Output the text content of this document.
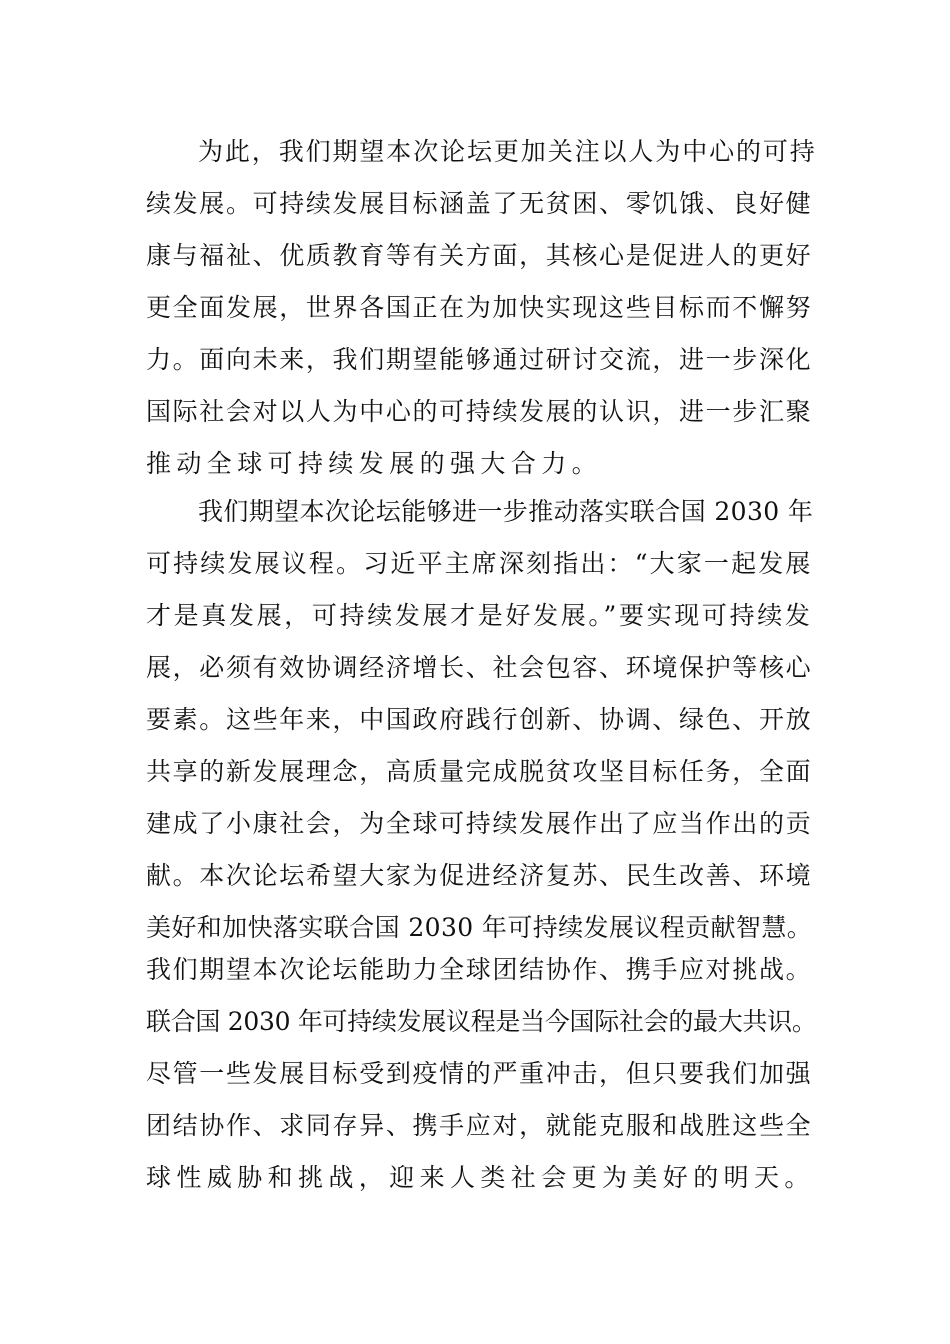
为此，我们期望本次论坛更加关注以人为中心的可持
续发展。可持续发展目标涵盖了无贫困、零饥饿、良好健
康与福祉、优质教育等有关方面，其核心是促进人的更好
更全面发展，世界各国正在为加快实现这些目标而不懈努
力。面向未来，我们期望能够通过研讨交流，进一步深化
国际社会对以人为中心的可持续发展的认识，进一步汇聚
推动全球可持续发展的强大合力。
我们期望本次论坛能够进一步推动落实联合国 2030 年
可持续发展议程。习近平主席深刻指出：“大家一起发展
才是真发展，可持续发展才是好发展。”要实现可持续发
展，必须有效协调经济增长、社会包容、环境保护等核心
要素。这些年来，中国政府践行创新、协调、绿色、开放
共享的新发展理念，高质量完成脱贫攻坚目标任务，全面
建成了小康社会，为全球可持续发展作出了应当作出的贡
献。本次论坛希望大家为促进经济复苏、民生改善、环境
美好和加快落实联合国 2030 年可持续发展议程贡献智慧。
我们期望本次论坛能助力全球团结协作、携手应对挑战。
联合国 2030 年可持续发展议程是当今国际社会的最大共识。
尽管一些发展目标受到疫情的严重冲击，但只要我们加强
团结协作、求同存异、携手应对，就能克服和战胜这些全
球性威胁和挑战，迎来人类社会更为美好的明天。
